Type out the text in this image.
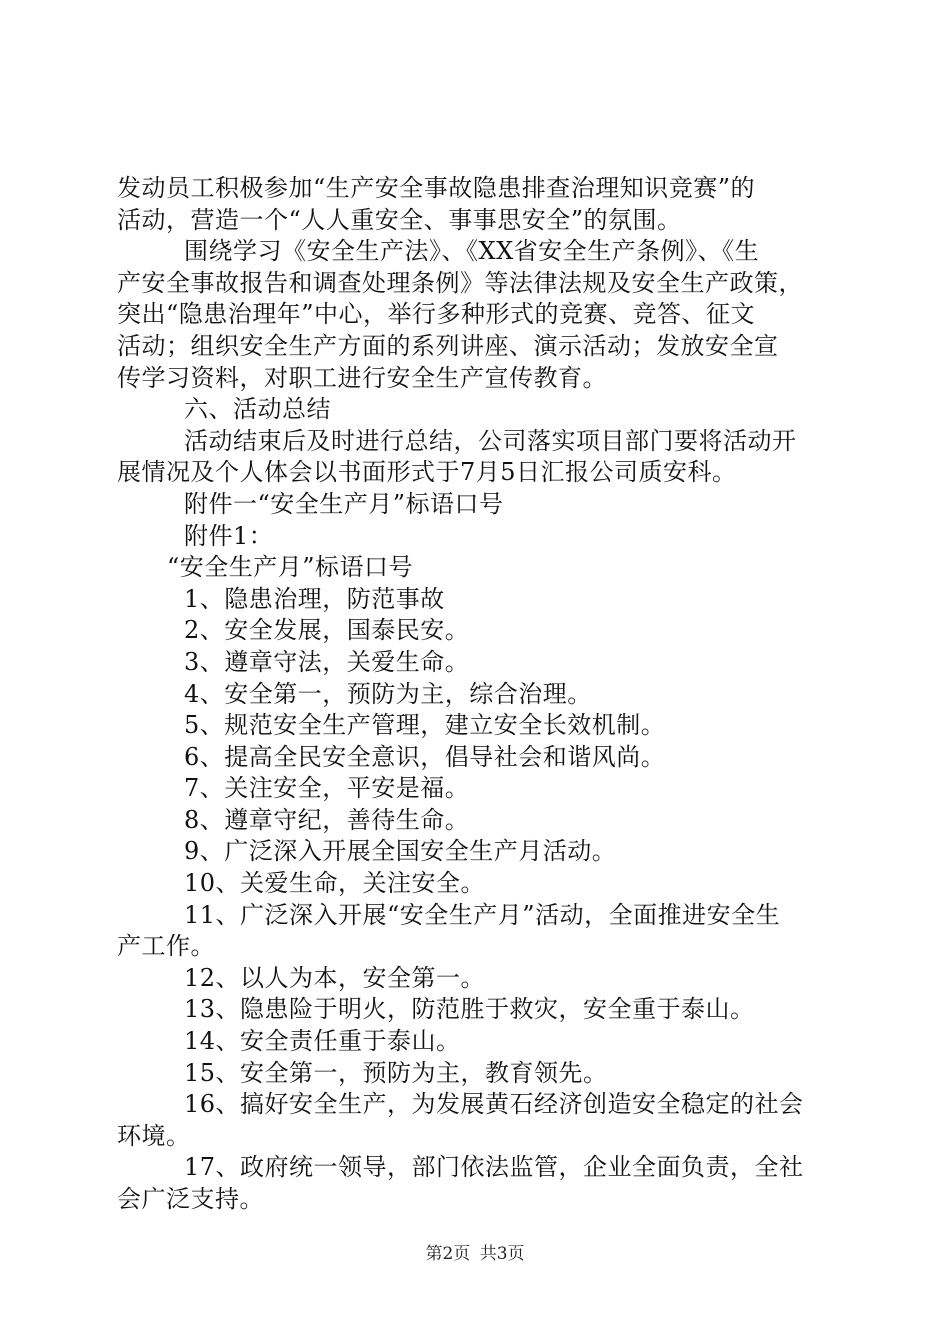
发动员工积极参加“生产安全事故隐患排查治理知识竞赛”的
活动，营造一个“人人重安全、事事思安全”的氛围。
围绕学习《安全生产法》、《XX省安全生产条例》、《生
产安全事故报告和调查处理条例》等法律法规及安全生产政策，
突出“隐患治理年”中心，举行多种形式的竞赛、竞答、征文
活动；组织安全生产方面的系列讲座、演示活动；发放安全宣
传学习资料，对职工进行安全生产宣传教育。
六、活动总结
活动结束后及时进行总结，公司落实项目部门要将活动开
展情况及个人体会以书面形式于7月5日汇报公司质安科。
附件一“安全生产月”标语口号
附件1：
“安全生产月”标语口号
1、隐患治理，防范事故
2、安全发展，国泰民安。
3、遵章守法，关爱生命。
4、安全第一，预防为主，综合治理。
5、规范安全生产管理，建立安全长效机制。
6、提高全民安全意识，倡导社会和谐风尚。
7、关注安全，平安是福。
8、遵章守纪，善待生命。
9、广泛深入开展全国安全生产月活动。
10、关爱生命，关注安全。
11、广泛深入开展“安全生产月”活动，全面推进安全生
产工作。
12、以人为本，安全第一。
13、隐患险于明火，防范胜于救灾，安全重于泰山。
14、安全责任重于泰山。
15、安全第一，预防为主，教育领先。
16、搞好安全生产，为发展黄石经济创造安全稳定的社会
环境。
17、政府统一领导，部门依法监管，企业全面负责，全社
会广泛支持。
第2页 共3页
